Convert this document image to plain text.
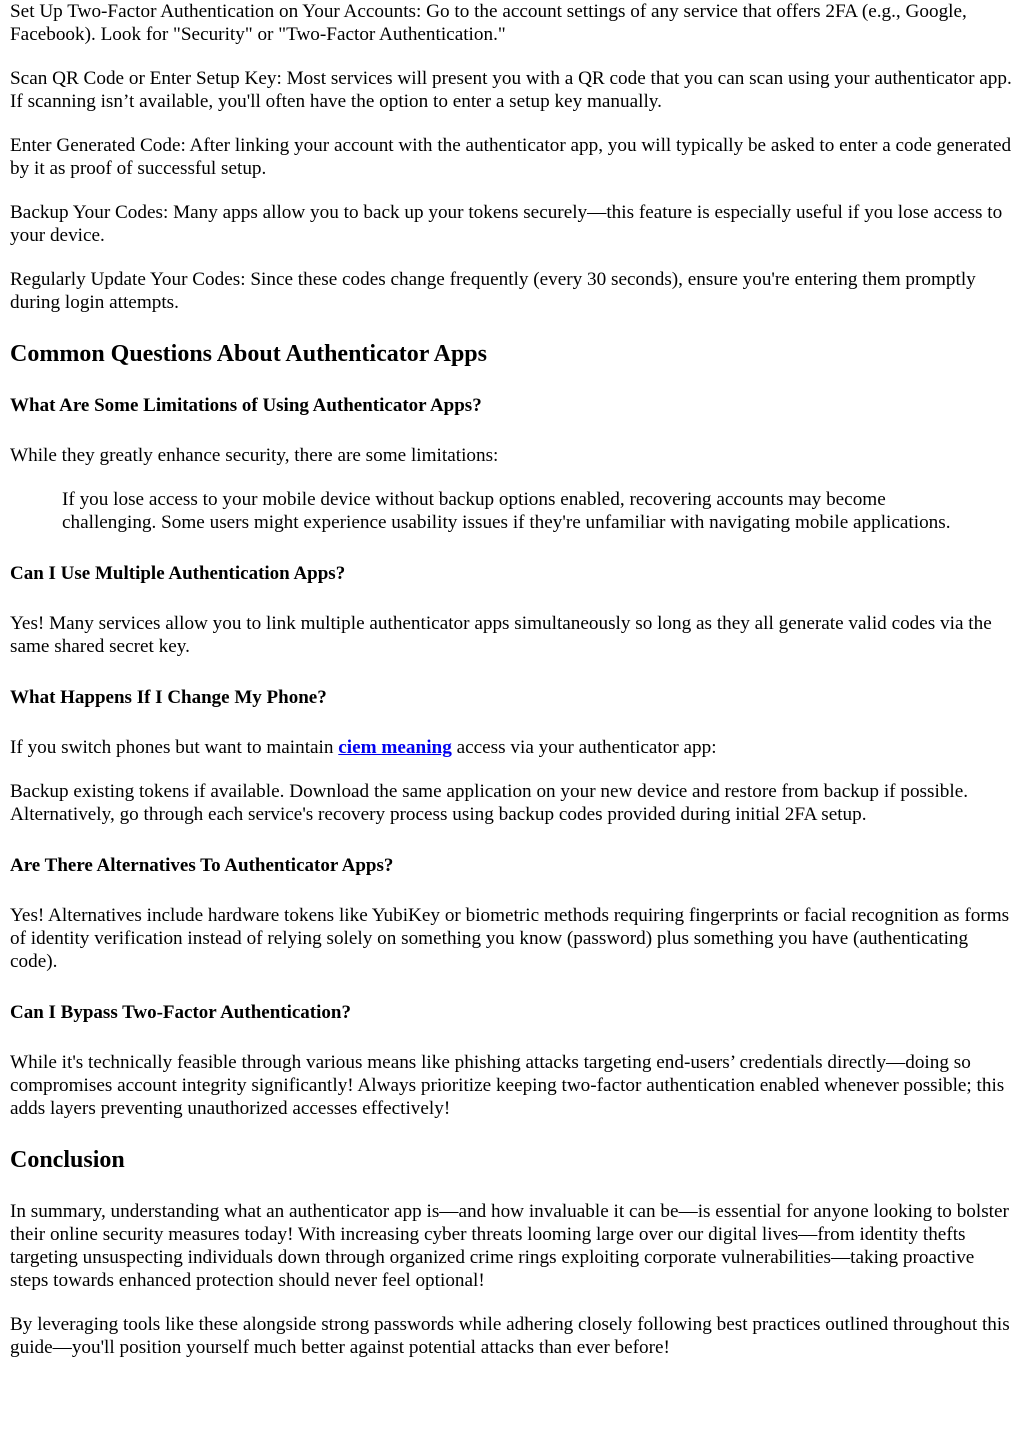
Set Up Two-Factor Authentication on Your Accounts: Go to the account settings of any service that offers 2FA (e.g., Google, Facebook). Look for "Security" or "Two-Factor Authentication."

Scan QR Code or Enter Setup Key: Most services will present you with a QR code that you can scan using your authenticator app. If scanning isn’t available, you'll often have the option to enter a setup key manually.

Enter Generated Code: After linking your account with the authenticator app, you will typically be asked to enter a code generated by it as proof of successful setup.

Backup Your Codes: Many apps allow you to back up your tokens securely—this feature is especially useful if you lose access to your device.

Regularly Update Your Codes: Since these codes change frequently (every 30 seconds), ensure you're entering them promptly during login attempts.

Common Questions About Authenticator Apps
What Are Some Limitations of Using Authenticator Apps?

While they greatly enhance security, there are some limitations:

If you lose access to your mobile device without backup options enabled, recovering accounts may become challenging. Some users might experience usability issues if they're unfamiliar with navigating mobile applications.

Can I Use Multiple Authentication Apps?

Yes! Many services allow you to link multiple authenticator apps simultaneously so long as they all generate valid codes via the same shared secret key.

What Happens If I Change My Phone?

If you switch phones but want to maintain ciem meaning access via your authenticator app:

Backup existing tokens if available. Download the same application on your new device and restore from backup if possible. Alternatively, go through each service's recovery process using backup codes provided during initial 2FA setup.

Are There Alternatives To Authenticator Apps?

Yes! Alternatives include hardware tokens like YubiKey or biometric methods requiring fingerprints or facial recognition as forms of identity verification instead of relying solely on something you know (password) plus something you have (authenticating code).

Can I Bypass Two-Factor Authentication?

While it's technically feasible through various means like phishing attacks targeting end-users’ credentials directly—doing so compromises account integrity significantly! Always prioritize keeping two-factor authentication enabled whenever possible; this adds layers preventing unauthorized accesses effectively!

Conclusion

In summary, understanding what an authenticator app is—and how invaluable it can be—is essential for anyone looking to bolster their online security measures today! With increasing cyber threats looming large over our digital lives—from identity thefts targeting unsuspecting individuals down through organized crime rings exploiting corporate vulnerabilities—taking proactive steps towards enhanced protection should never feel optional!

By leveraging tools like these alongside strong passwords while adhering closely following best practices outlined throughout this guide—you'll position yourself much better against potential attacks than ever before!
